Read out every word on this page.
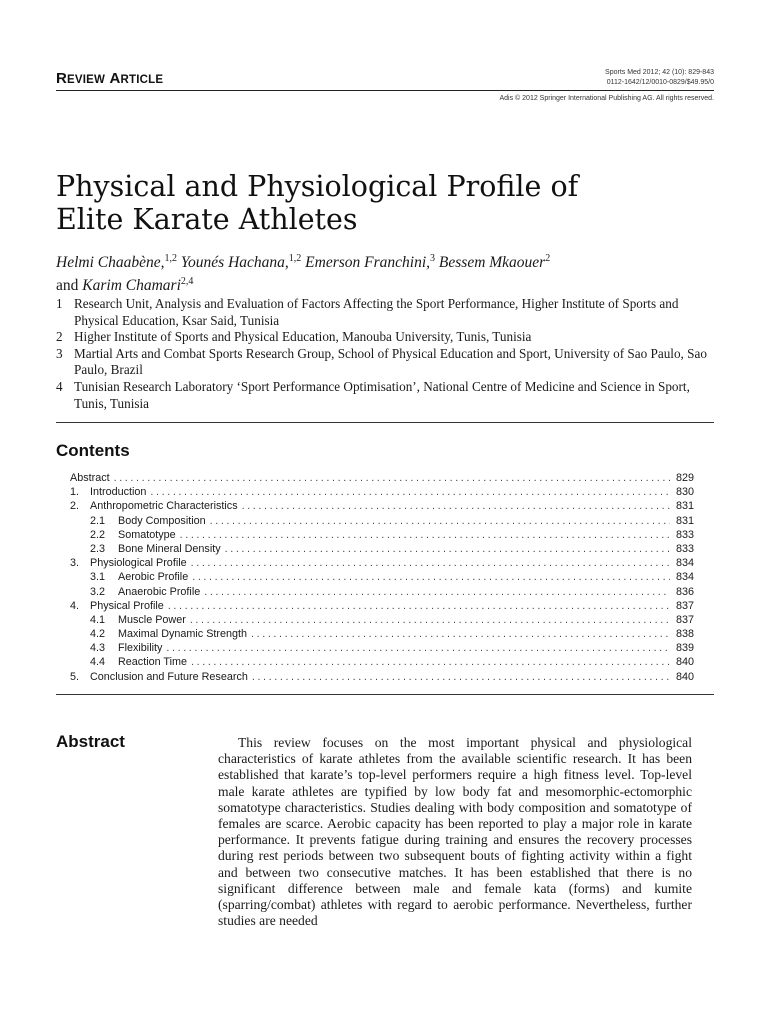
REVIEW ARTICLE
Sports Med 2012; 42 (10): 829-843
0112-1642/12/0010-0829/$49.95/0
Adis © 2012 Springer International Publishing AG. All rights reserved.
Physical and Physiological Profile of
Elite Karate Athletes
Helmi Chaabène,$^{1,2}$ Younés Hachana,$^{1,2}$ Emerson Franchini,$^3$ Bessem Mkaouer$^2$
and Karim Chamari$^{2,4}$
1 Research Unit, Analysis and Evaluation of Factors Affecting the Sport Performance, Higher Institute of Sports and Physical Education, Ksar Said, Tunisia
2 Higher Institute of Sports and Physical Education, Manouba University, Tunis, Tunisia
3 Martial Arts and Combat Sports Research Group, School of Physical Education and Sport, University of Sao Paulo, Sao Paulo, Brazil
4 Tunisian Research Laboratory ‘Sport Performance Optimisation’, National Centre of Medicine and Science in Sport, Tunis, Tunisia
Contents
Abstract .....	829
1.	Introduction .....	830
2.	Anthropometric Characteristics .....	831
2.1	Body Composition .....	831
2.2	Somatotype .....	833
2.3	Bone Mineral Density .....	833
3.	Physiological Profile .....	834
3.1	Aerobic Profile .....	834
3.2	Anaerobic Profile .....	836
4.	Physical Profile .....	837
4.1	Muscle Power .....	837
4.2	Maximal Dynamic Strength .....	838
4.3	Flexibility .....	839
4.4	Reaction Time .....	840
5.	Conclusion and Future Research .....	840
Abstract	This review focuses on the most important physical and physiological characteristics of karate athletes from the available scientific research. It has been established that karate’s top-level performers require a high fitness level. Top-level male karate athletes are typified by low body fat and mesomorphic-ectomorphic somatotype characteristics. Studies dealing with body composition and somatotype of females are scarce. Aerobic capacity has been reported to play a major role in karate performance. It prevents fatigue during training and ensures the recovery processes during rest periods between two subsequent bouts of fighting activity within a fight and between two consecutive matches. It has been established that there is no significant difference between male and female kata (forms) and kumite (sparring/combat) athletes with regard to aerobic performance. Nevertheless, further studies are needed
